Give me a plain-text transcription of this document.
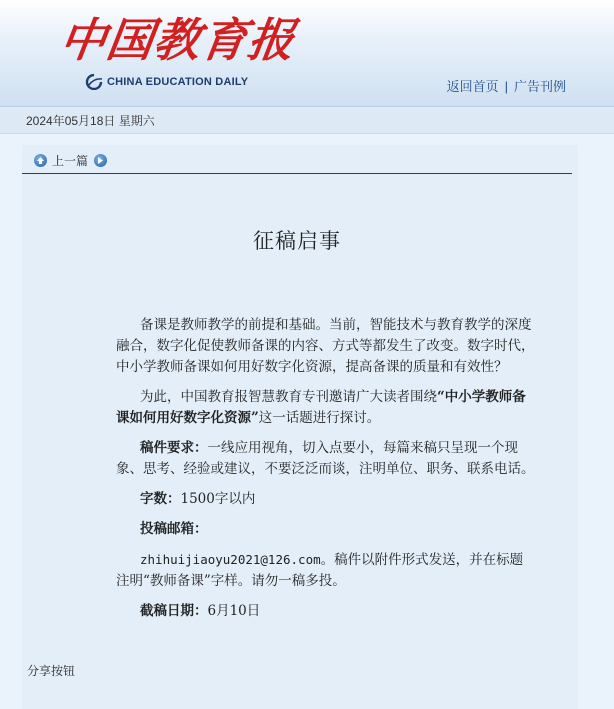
中国教育报
CHINA EDUCATION DAILY	返回首页 | 广告刊例
2024年05月18日 星期六
上一篇
征稿启事

备课是教师教学的前提和基础。当前，智能技术与教育教学的深度融合，数字化促使教师备课的内容、方式等都发生了改变。数字时代，中小学教师备课如何用好数字化资源，提高备课的质量和有效性？

为此，中国教育报智慧教育专刊邀请广大读者围绕“中小学教师备课如何用好数字化资源”这一话题进行探讨。

稿件要求：一线应用视角，切入点要小，每篇来稿只呈现一个现象、思考、经验或建议，不要泛泛而谈，注明单位、职务、联系电话。

字数：1500字以内

投稿邮箱：

zhihuijiaoyu2021@126.com。稿件以附件形式发送，并在标题注明“教师备课”字样。请勿一稿多投。

截稿日期：6月10日

分享按钮
